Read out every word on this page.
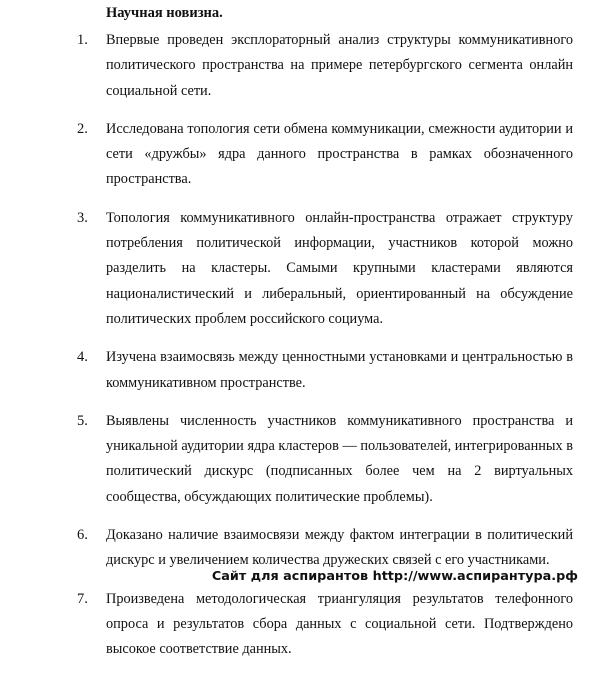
Научная новизна.
1. Впервые проведен эксплораторный анализ структуры коммуникативного политического пространства на примере петербургского сегмента онлайн социальной сети.
2. Исследована топология сети обмена коммуникации, смежности аудитории и сети «дружбы» ядра данного пространства в рамках обозначенного пространства.
3. Топология коммуникативного онлайн-пространства отражает структуру потребления политической информации, участников которой можно разделить на кластеры. Самыми крупными кластерами являются националистический и либеральный, ориентированный на обсуждение политических проблем российского социума.
4. Изучена взаимосвязь между ценностными установками и центральностью в коммуникативном пространстве.
5. Выявлены численность участников коммуникативного пространства и уникальной аудитории ядра кластеров — пользователей, интегрированных в политический дискурс (подписанных более чем на 2 виртуальных сообщества, обсуждающих политические проблемы).
6. Доказано наличие взаимосвязи между фактом интеграции в политический дискурс и увеличением количества дружеских связей с его участниками.
7. Произведена методологическая триангуляция результатов телефонного опроса и результатов сбора данных с социальной сети. Подтверждено высокое соответствие данных.
Сайт для аспирантов http://www.аспирантура.рф
